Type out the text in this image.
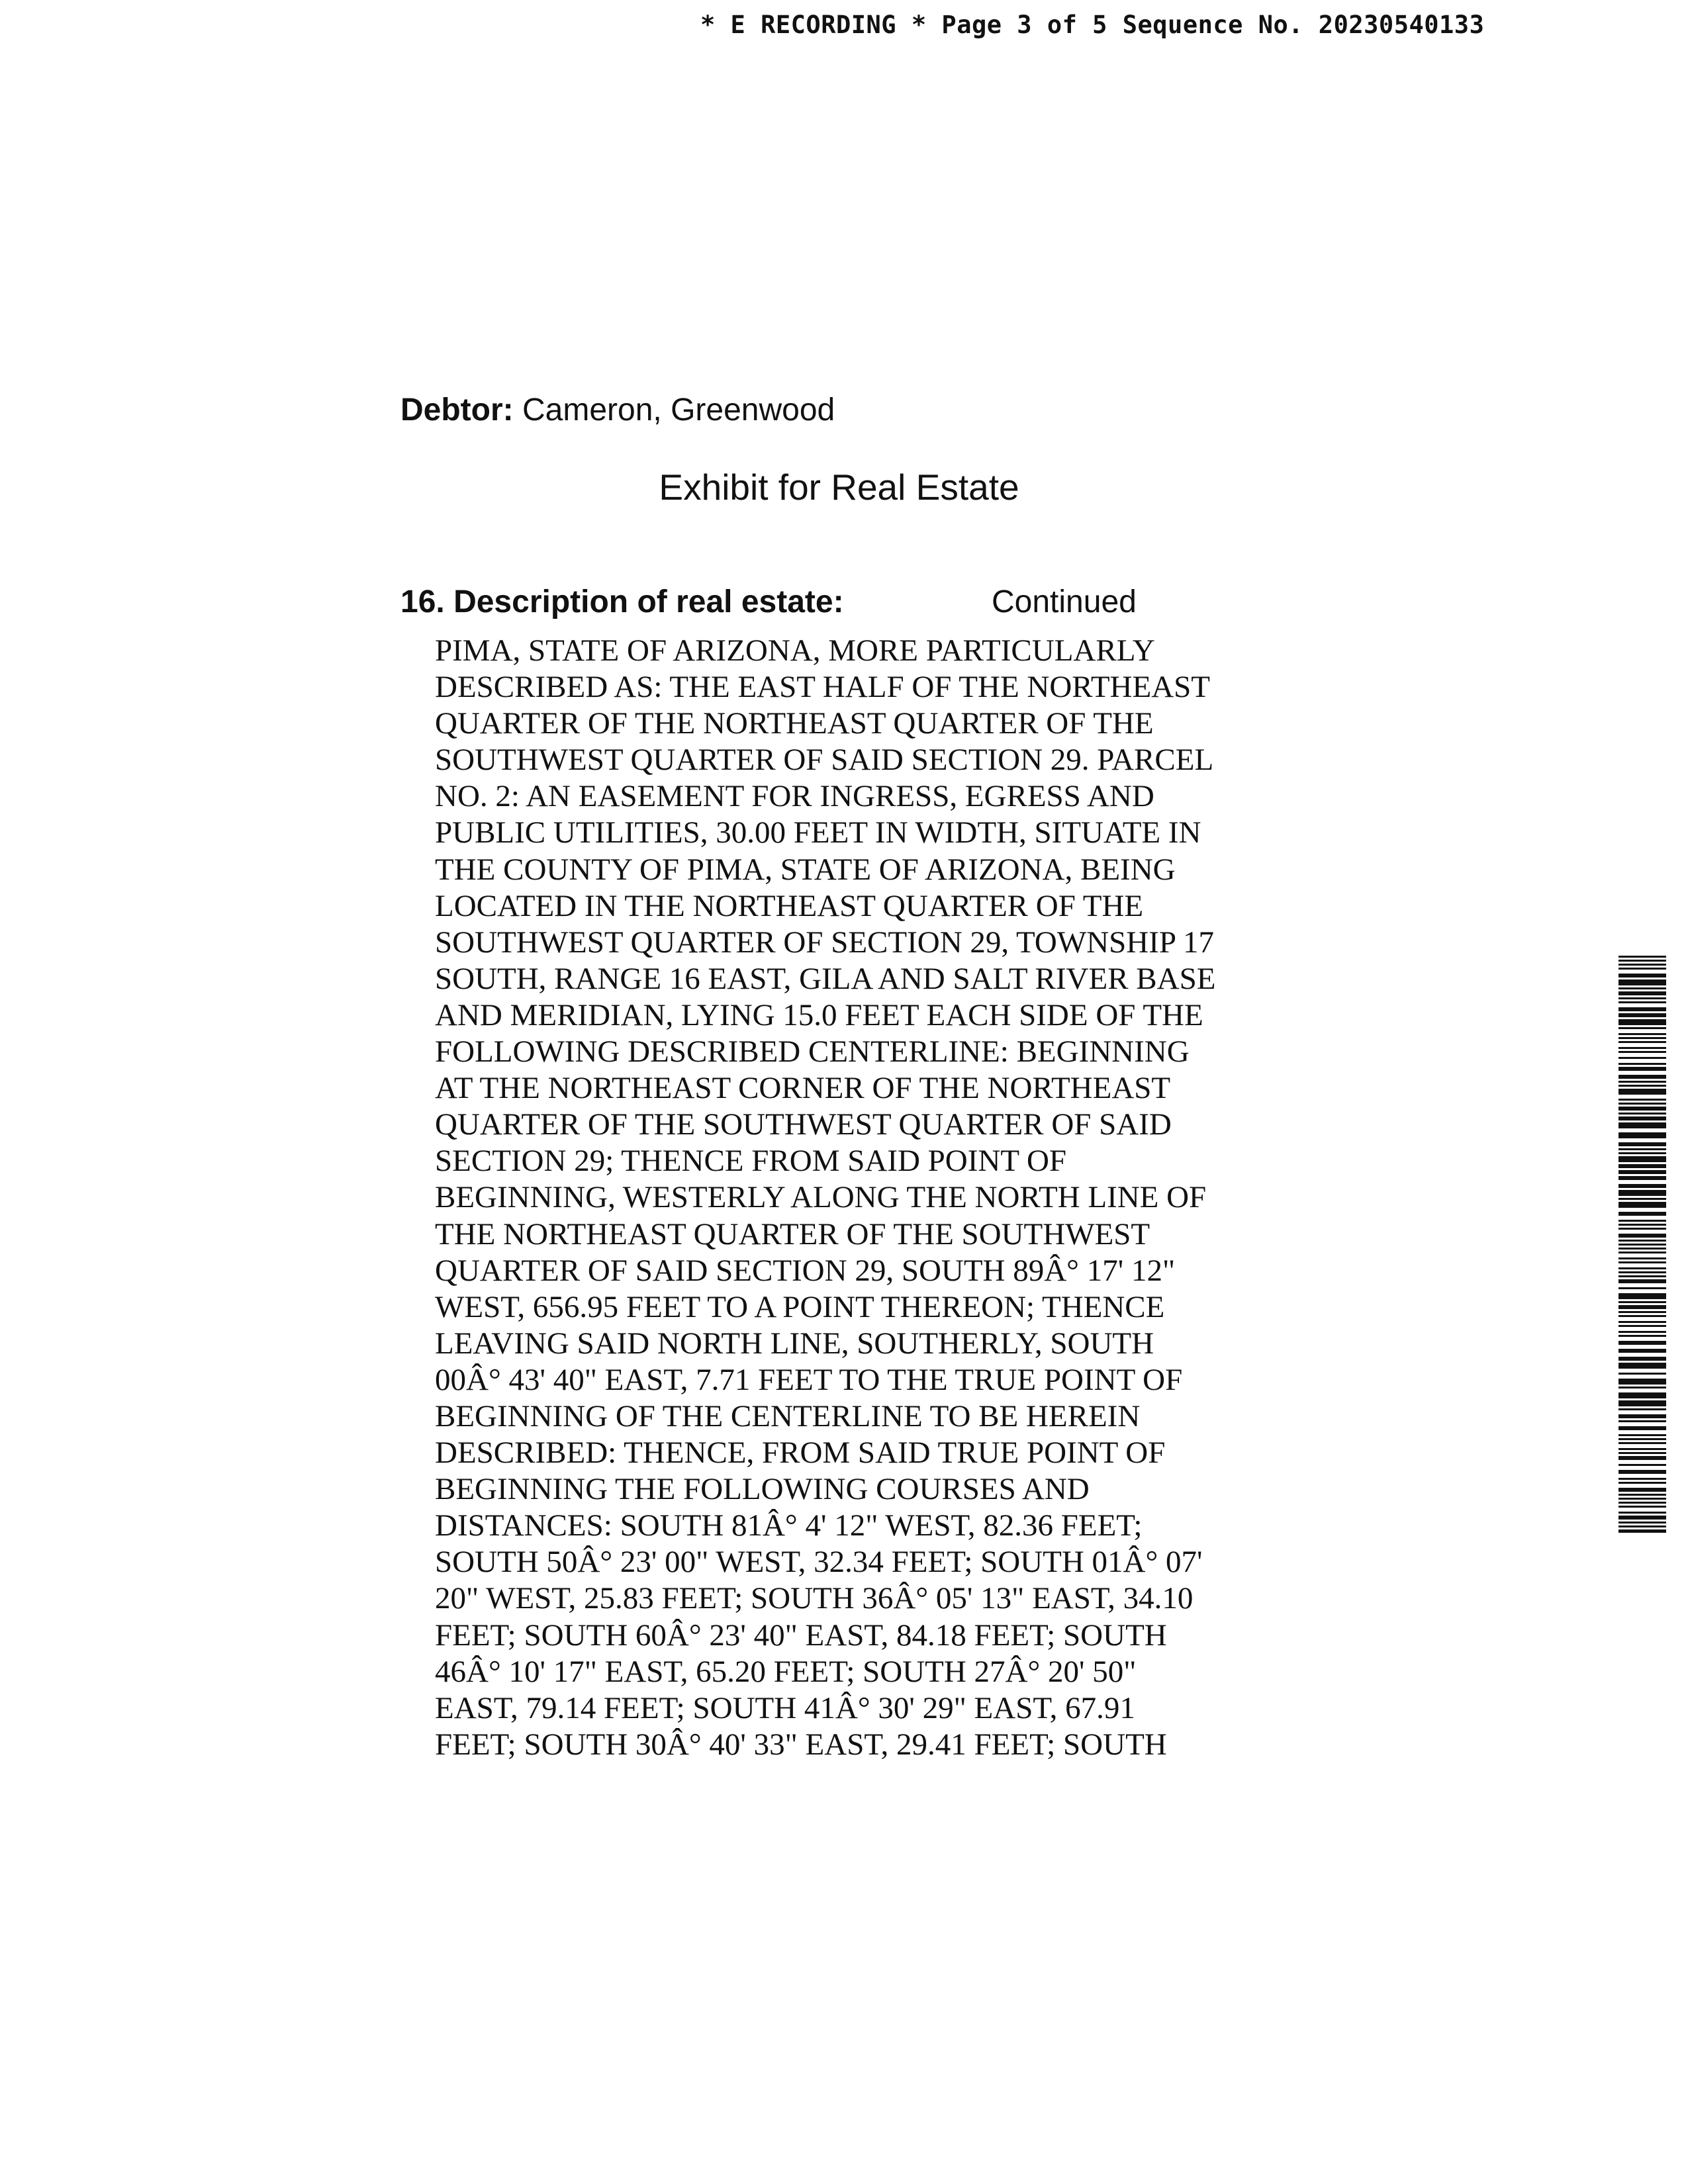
* E RECORDING * Page 3 of 5 Sequence No. 20230540133
Debtor: Cameron, Greenwood
Exhibit for Real Estate
16. Description of real estate:	Continued
PIMA, STATE OF ARIZONA, MORE PARTICULARLY
DESCRIBED AS: THE EAST HALF OF THE NORTHEAST
QUARTER OF THE NORTHEAST QUARTER OF THE
SOUTHWEST QUARTER OF SAID SECTION 29. PARCEL
NO. 2: AN EASEMENT FOR INGRESS, EGRESS AND
PUBLIC UTILITIES, 30.00 FEET IN WIDTH, SITUATE IN
THE COUNTY OF PIMA, STATE OF ARIZONA, BEING
LOCATED IN THE NORTHEAST QUARTER OF THE
SOUTHWEST QUARTER OF SECTION 29, TOWNSHIP 17
SOUTH, RANGE 16 EAST, GILA AND SALT RIVER BASE
AND MERIDIAN, LYING 15.0 FEET EACH SIDE OF THE
FOLLOWING DESCRIBED CENTERLINE: BEGINNING
AT THE NORTHEAST CORNER OF THE NORTHEAST
QUARTER OF THE SOUTHWEST QUARTER OF SAID
SECTION 29; THENCE FROM SAID POINT OF
BEGINNING, WESTERLY ALONG THE NORTH LINE OF
THE NORTHEAST QUARTER OF THE SOUTHWEST
QUARTER OF SAID SECTION 29, SOUTH 89Â° 17' 12"
WEST, 656.95 FEET TO A POINT THEREON; THENCE
LEAVING SAID NORTH LINE, SOUTHERLY, SOUTH
00Â° 43' 40" EAST, 7.71 FEET TO THE TRUE POINT OF
BEGINNING OF THE CENTERLINE TO BE HEREIN
DESCRIBED: THENCE, FROM SAID TRUE POINT OF
BEGINNING THE FOLLOWING COURSES AND
DISTANCES: SOUTH 81Â° 4' 12" WEST, 82.36 FEET;
SOUTH 50Â° 23' 00" WEST, 32.34 FEET; SOUTH 01Â° 07'
20" WEST, 25.83 FEET; SOUTH 36Â° 05' 13" EAST, 34.10
FEET; SOUTH 60Â° 23' 40" EAST, 84.18 FEET; SOUTH
46Â° 10' 17" EAST, 65.20 FEET; SOUTH 27Â° 20' 50"
EAST, 79.14 FEET; SOUTH 41Â° 30' 29" EAST, 67.91
FEET; SOUTH 30Â° 40' 33" EAST, 29.41 FEET; SOUTH
